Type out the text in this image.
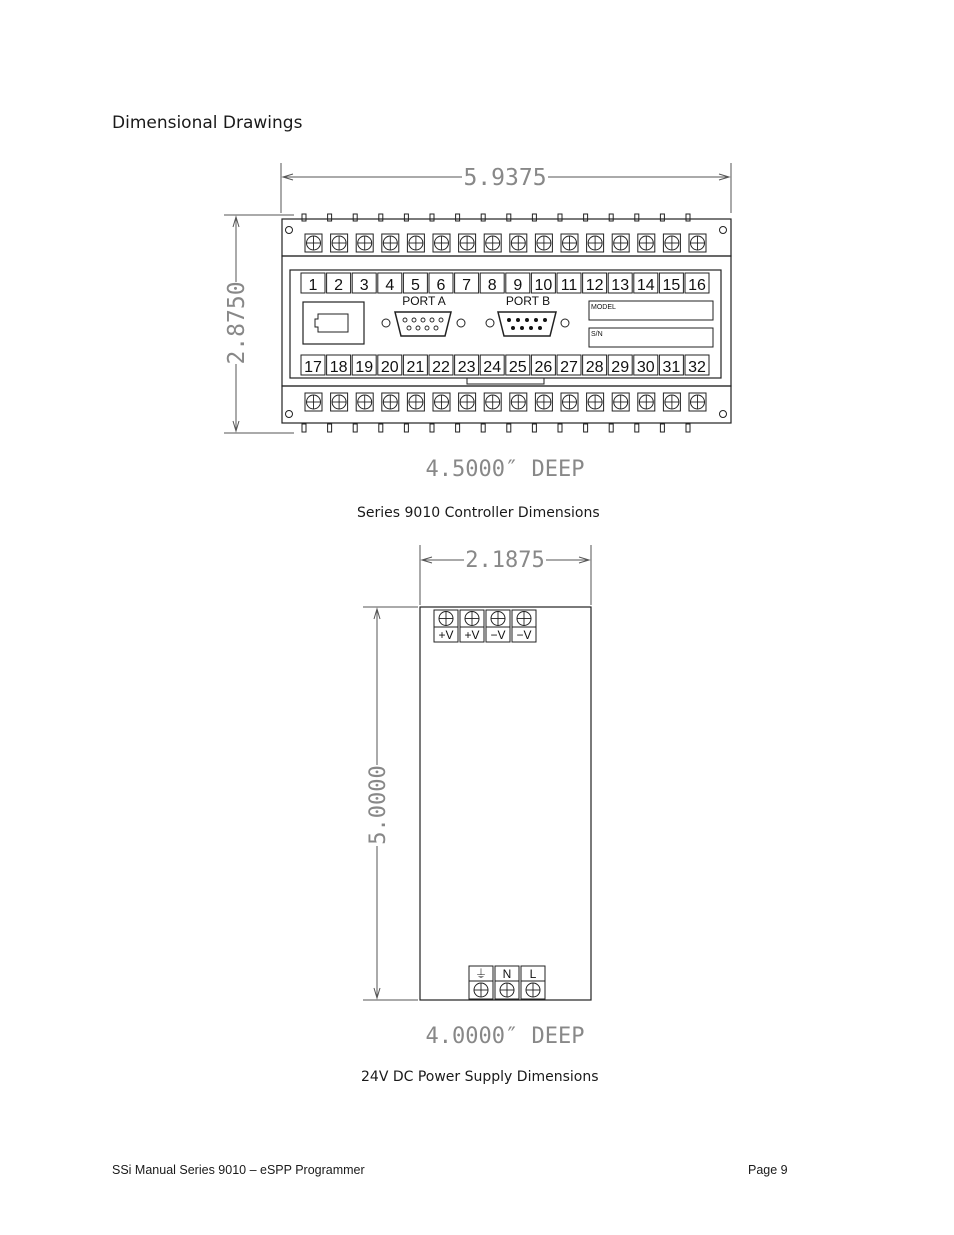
Dimensional Drawings
5.9375
2.8750
4.5000″ DEEP
PORT A	PORT B	MODEL
S/N
1 2 3 4 5 6 7 8 9 10 11 12 13 14 15 16
17 18 19 20 21 22 23 24 25 26 27 28 29 30 31 32
2.1875
5.0000
4.0000″ DEEP
+V +V −V −V
⏚ N L
Series 9010 Controller Dimensions
24V DC Power Supply Dimensions
SSi Manual Series 9010 – eSPP Programmer	Page 9
